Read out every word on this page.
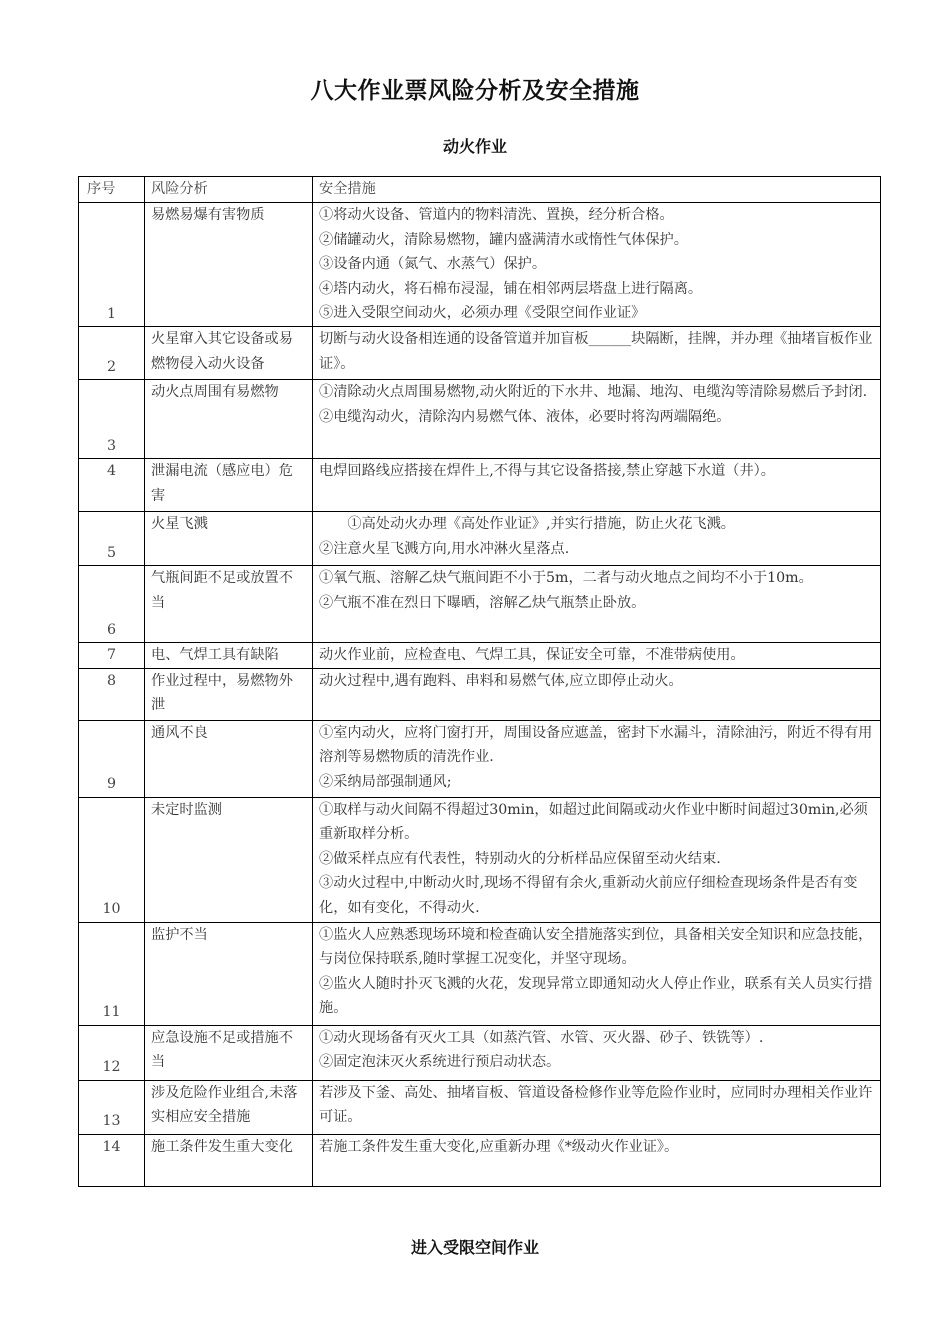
八大作业票风险分析及安全措施
动火作业
序号	风险分析	安全措施
1	易燃易爆有害物质	①将动火设备、管道内的物料清洗、置换，经分析合格。
②储罐动火，清除易燃物，罐内盛满清水或惰性气体保护。
③设备内通（氮气、水蒸气）保护。
④塔内动火，将石棉布浸湿，铺在相邻两层塔盘上进行隔离。
⑤进入受限空间动火，必须办理《受限空间作业证》

2	火星窜入其它设备或易燃物侵入动火设备	切断与动火设备相连通的设备管道并加盲板______块隔断，挂牌，并办理《抽堵盲板作业证》。

3	动火点周围有易燃物	①清除动火点周围易燃物,动火附近的下水井、地漏、地沟、电缆沟等清除易燃后予封闭.
②电缆沟动火，清除沟内易燃气体、液体，必要时将沟两端隔绝。

4	泄漏电流（感应电）危害	电焊回路线应搭接在焊件上,不得与其它设备搭接,禁止穿越下水道（井）。

5	火星飞溅	　　①高处动火办理《高处作业证》,并实行措施，防止火花飞溅。
②注意火星飞溅方向,用水冲淋火星落点.

6	气瓶间距不足或放置不当	①氧气瓶、溶解乙炔气瓶间距不小于5m，二者与动火地点之间均不小于10m。
②气瓶不准在烈日下曝晒，溶解乙炔气瓶禁止卧放。

7	电、气焊工具有缺陷	动火作业前，应检查电、气焊工具，保证安全可靠，不准带病使用。

8	作业过程中，易燃物外泄	动火过程中,遇有跑料、串料和易燃气体,应立即停止动火。

9	通风不良	①室内动火，应将门窗打开，周围设备应遮盖，密封下水漏斗，清除油污，附近不得有用溶剂等易燃物质的清洗作业.
②采纳局部强制通风;

10	未定时监测	①取样与动火间隔不得超过30min，如超过此间隔或动火作业中断时间超过30min,必须重新取样分析。
②做采样点应有代表性，特别动火的分析样品应保留至动火结束.
③动火过程中,中断动火时,现场不得留有余火,重新动火前应仔细检查现场条件是否有变化，如有变化，不得动火.

11	监护不当	①监火人应熟悉现场环境和检查确认安全措施落实到位，具备相关安全知识和应急技能，与岗位保持联系,随时掌握工况变化，并坚守现场。
②监火人随时扑灭飞溅的火花，发现异常立即通知动火人停止作业，联系有关人员实行措施。

12	应急设施不足或措施不当	①动火现场备有灭火工具（如蒸汽管、水管、灭火器、砂子、铁铣等）.
②固定泡沫灭火系统进行预启动状态。

13	涉及危险作业组合,未落实相应安全措施	若涉及下釜、高处、抽堵盲板、管道设备检修作业等危险作业时，应同时办理相关作业许可证。

14	施工条件发生重大变化	若施工条件发生重大变化,应重新办理《*级动火作业证》。
进入受限空间作业
